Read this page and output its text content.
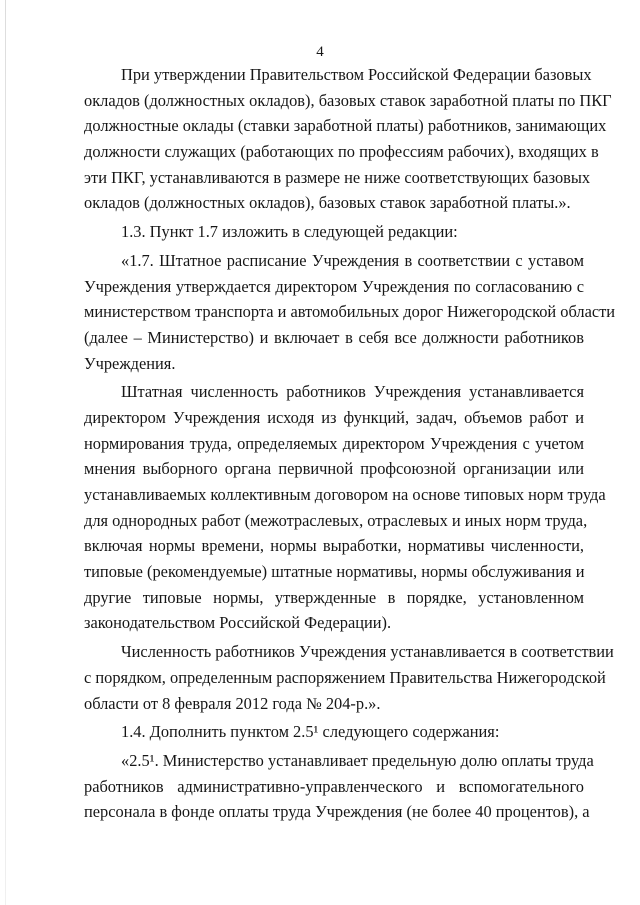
4
При утверждении Правительством Российской Федерации базовых
окладов (должностных окладов), базовых ставок заработной платы по ПКГ
должностные оклады (ставки заработной платы) работников, занимающих
должности служащих (работающих по профессиям рабочих), входящих в
эти ПКГ, устанавливаются в размере не ниже соответствующих базовых
окладов (должностных окладов), базовых ставок заработной платы.».
1.3. Пункт 1.7 изложить в следующей редакции:
«1.7. Штатное расписание Учреждения в соответствии с уставом
Учреждения утверждается директором Учреждения по согласованию с
министерством транспорта и автомобильных дорог Нижегородской области
(далее – Министерство) и включает в себя все должности работников
Учреждения.
Штатная численность работников Учреждения устанавливается
директором Учреждения исходя из функций, задач, объемов работ и
нормирования труда, определяемых директором Учреждения с учетом
мнения выборного органа первичной профсоюзной организации или
устанавливаемых коллективным договором на основе типовых норм труда
для однородных работ (межотраслевых, отраслевых и иных норм труда,
включая нормы времени, нормы выработки, нормативы численности,
типовые (рекомендуемые) штатные нормативы, нормы обслуживания и
другие типовые нормы, утвержденные в порядке, установленном
законодательством Российской Федерации).
Численность работников Учреждения устанавливается в соответствии
с порядком, определенным распоряжением Правительства Нижегородской
области от 8 февраля 2012 года № 204-р.».
1.4. Дополнить пунктом 2.5¹ следующего содержания:
«2.5¹. Министерство устанавливает предельную долю оплаты труда
работников административно-управленческого и вспомогательного
персонала в фонде оплаты труда Учреждения (не более 40 процентов), а
